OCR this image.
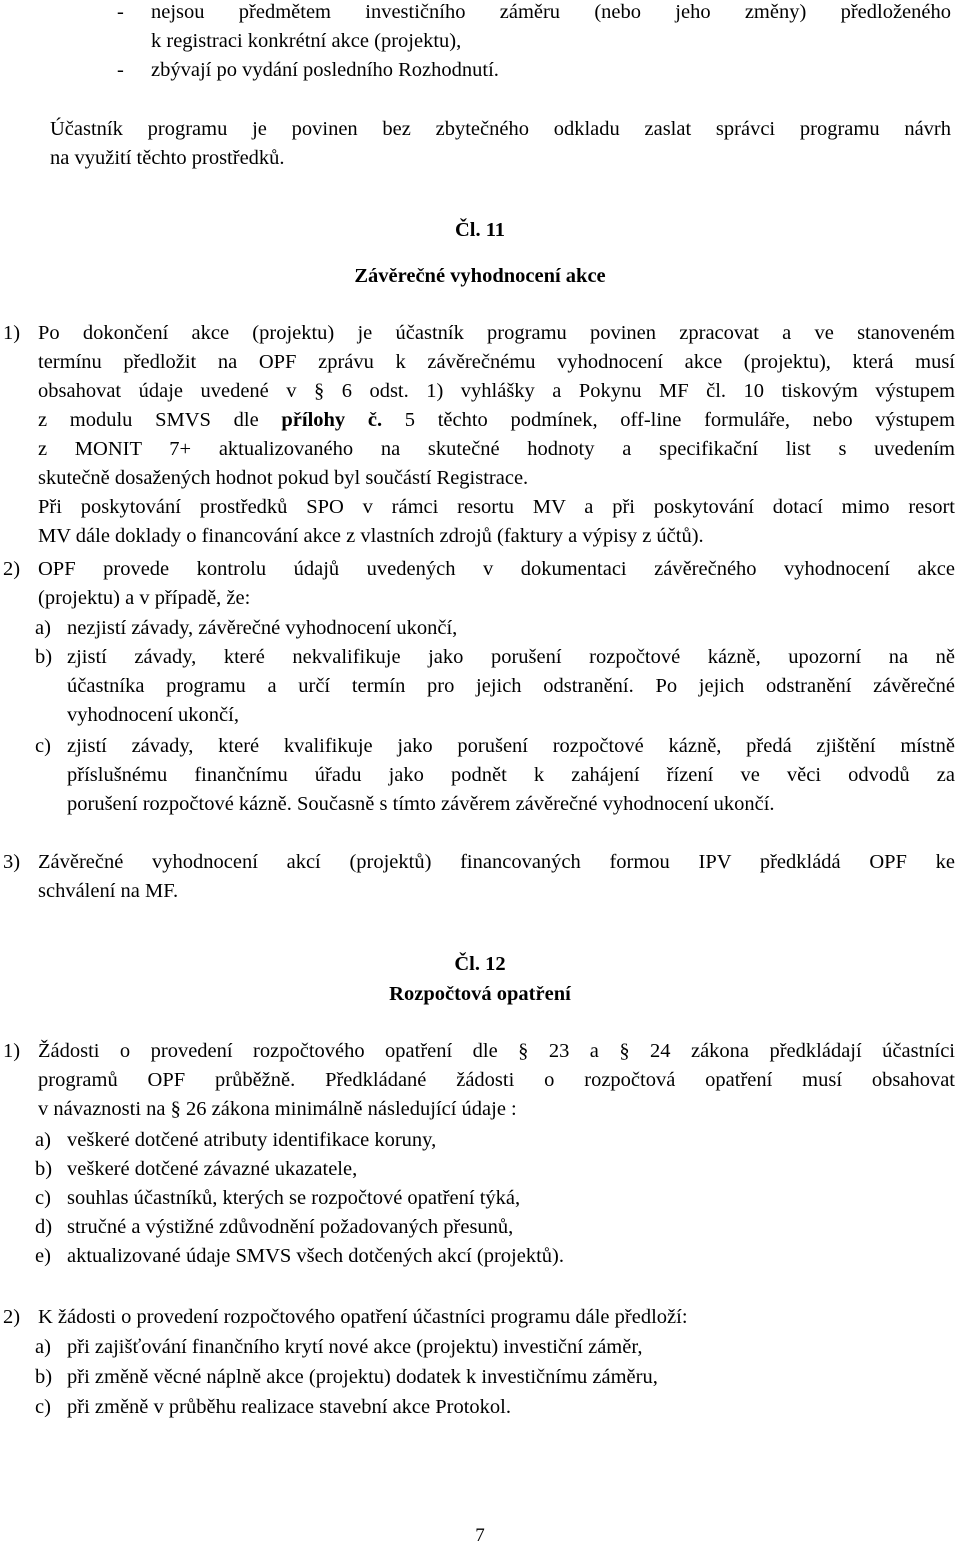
- nejsou předmětem investičního záměru (nebo jeho změny) předloženého
k registraci konkrétní akce (projektu),
- zbývají po vydání posledního Rozhodnutí.
Účastník programu je povinen bez zbytečného odkladu zaslat správci programu návrh
na využití těchto prostředků.
Čl. 11
Závěrečné vyhodnocení akce
1) Po dokončení akce (projektu) je účastník programu povinen zpracovat a ve stanoveném
termínu předložit na OPF zprávu k závěrečnému vyhodnocení akce (projektu), která musí
obsahovat údaje uvedené v § 6 odst. 1) vyhlášky a Pokynu MF čl. 10 tiskovým výstupem
z modulu SMVS dle přílohy č. 5 těchto podmínek, off-line formuláře, nebo výstupem
z MONIT 7+ aktualizovaného na skutečné hodnoty a specifikační list s uvedením
skutečně dosažených hodnot pokud byl součástí Registrace.
Při poskytování prostředků SPO v rámci resortu MV a při poskytování dotací mimo resort
MV dále doklady o financování akce z vlastních zdrojů (faktury a výpisy z účtů).
2) OPF provede kontrolu údajů uvedených v dokumentaci závěrečného vyhodnocení akce
(projektu) a v případě, že:
a) nezjistí závady, závěrečné vyhodnocení ukončí,
b) zjistí závady, které nekvalifikuje jako porušení rozpočtové kázně, upozorní na ně
účastníka programu a určí termín pro jejich odstranění. Po jejich odstranění závěrečné
vyhodnocení ukončí,
c) zjistí závady, které kvalifikuje jako porušení rozpočtové kázně, předá zjištění místně
příslušnému finančnímu úřadu jako podnět k zahájení řízení ve věci odvodů za
porušení rozpočtové kázně. Současně s tímto závěrem závěrečné vyhodnocení ukončí.
3) Závěrečné vyhodnocení akcí (projektů) financovaných formou IPV předkládá OPF ke
schválení na MF.
Čl. 12
Rozpočtová opatření
1) Žádosti o provedení rozpočtového opatření dle § 23 a § 24 zákona předkládají účastníci
programů OPF průběžně. Předkládané žádosti o rozpočtová opatření musí obsahovat
v návaznosti na § 26 zákona minimálně následující údaje :
a) veškeré dotčené atributy identifikace koruny,
b) veškeré dotčené závazné ukazatele,
c) souhlas účastníků, kterých se rozpočtové opatření týká,
d) stručné a výstižné zdůvodnění požadovaných přesunů,
e) aktualizované údaje SMVS všech dotčených akcí (projektů).
2) K žádosti o provedení rozpočtového opatření účastníci programu dále předloží:
a) při zajišťování finančního krytí nové akce (projektu) investiční záměr,
b) při změně věcné náplně akce (projektu) dodatek k investičnímu záměru,
c) při změně v průběhu realizace stavební akce Protokol.
7
